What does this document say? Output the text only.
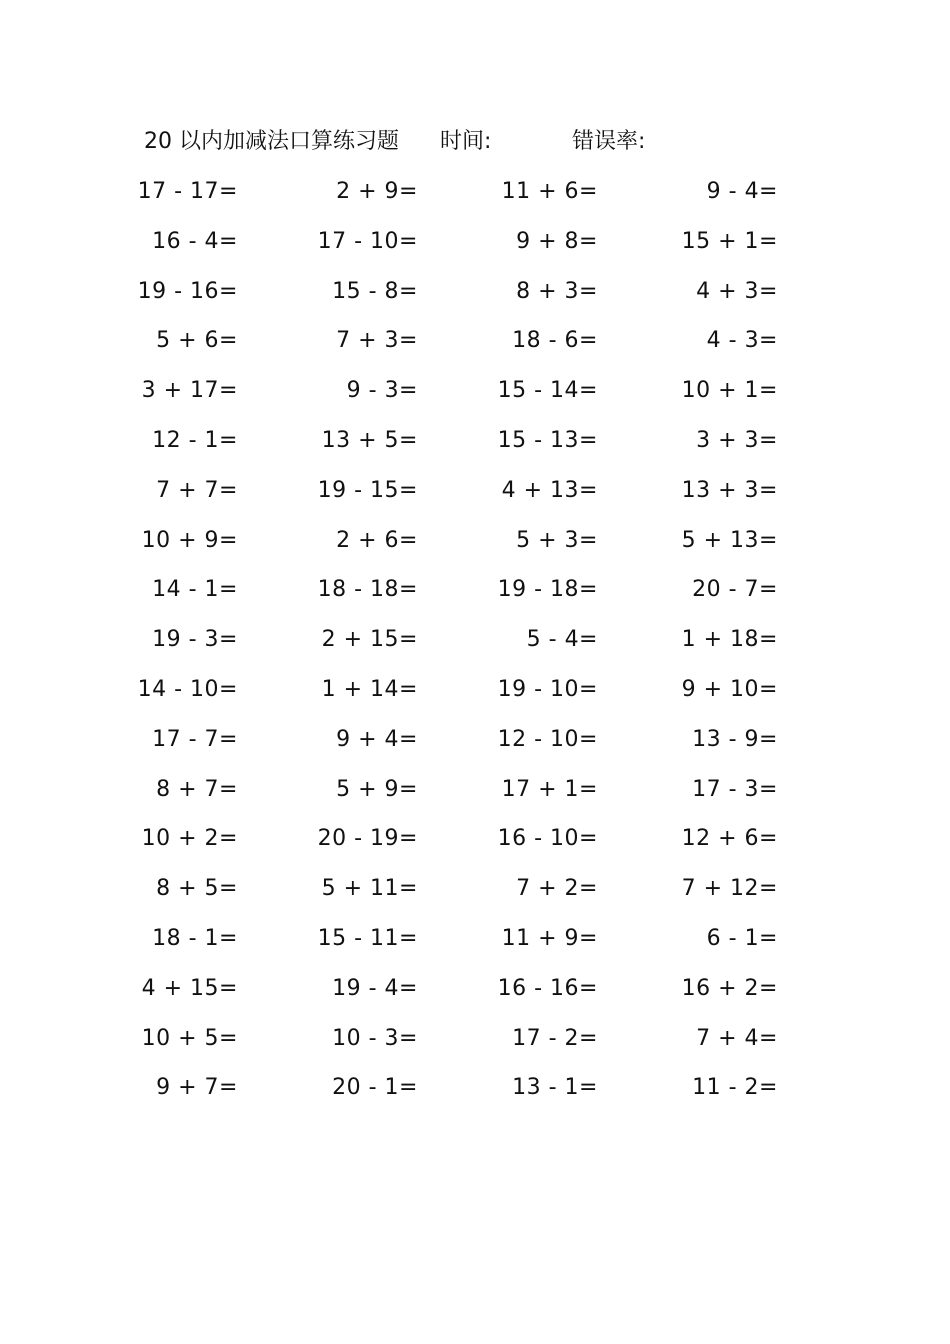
20 以内加减法口算练习题 时间:	错误率:
17 - 17=	2 + 9=	11 + 6=	9 - 4=
16 - 4=	17 - 10=	9 + 8=	15 + 1=
19 - 16=	15 - 8=	8 + 3=	4 + 3=
5 + 6=	7 + 3=	18 - 6=	4 - 3=
3 + 17=	9 - 3=	15 - 14=	10 + 1=
12 - 1=	13 + 5=	15 - 13=	3 + 3=
7 + 7=	19 - 15=	4 + 13=	13 + 3=
10 + 9=	2 + 6=	5 + 3=	5 + 13=
14 - 1=	18 - 18=	19 - 18=	20 - 7=
19 - 3=	2 + 15=	5 - 4=	1 + 18=
14 - 10=	1 + 14=	19 - 10=	9 + 10=
17 - 7=	9 + 4=	12 - 10=	13 - 9=
8 + 7=	5 + 9=	17 + 1=	17 - 3=
10 + 2=	20 - 19=	16 - 10=	12 + 6=
8 + 5=	5 + 11=	7 + 2=	7 + 12=
18 - 1=	15 - 11=	11 + 9=	6 - 1=
4 + 15=	19 - 4=	16 - 16=	16 + 2=
10 + 5=	10 - 3=	17 - 2=	7 + 4=
9 + 7=	20 - 1=	13 - 1=	11 - 2=
